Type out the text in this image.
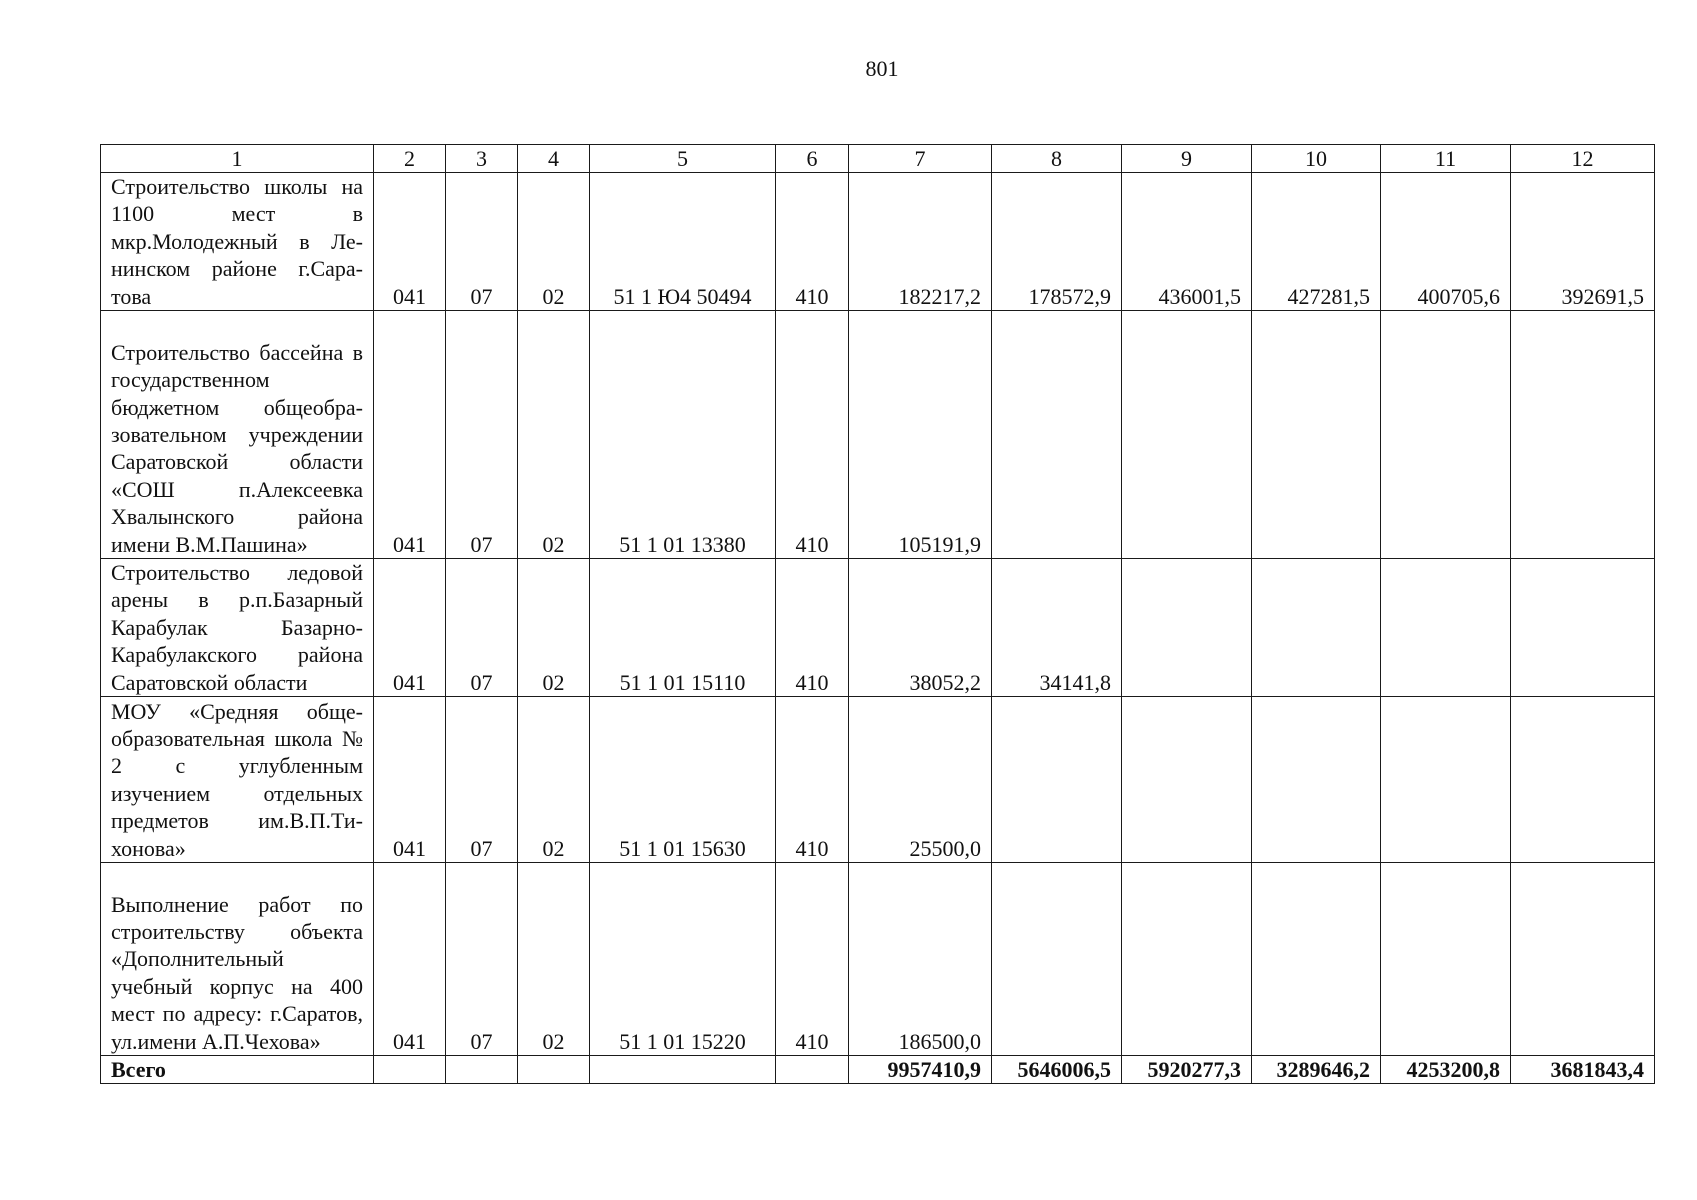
801
1	2	3	4	5	6	7	8	9	10	11	12
Строительство школы на 1100 мест в мкр.Молодежный в Ленинском районе г.Саратова	041	07	02	51 1 Ю4 50494	410	182217,2	178572,9	436001,5	427281,5	400705,6	392691,5
Строительство бассейна в государственном бюджетном общеобразовательном учреждении Саратовской области «СОШ п.Алексеевка Хвалынского района имени В.М.Пашина»	041	07	02	51 1 01 13380	410	105191,9					
Строительство ледовой арены в р.п.Базарный Карабулак Базарно-Карабулакского района Саратовской области	041	07	02	51 1 01 15110	410	38052,2	34141,8				
МОУ «Средняя общеобразовательная школа № 2 с углубленным изучением отдельных предметов им.В.П.Тихонова»	041	07	02	51 1 01 15630	410	25500,0					
Выполнение работ по строительству объекта «Дополнительный учебный корпус на 400 мест по адресу: г.Саратов, ул.имени А.П.Чехова»	041	07	02	51 1 01 15220	410	186500,0					
Всего						9957410,9	5646006,5	5920277,3	3289646,2	4253200,8	3681843,4
